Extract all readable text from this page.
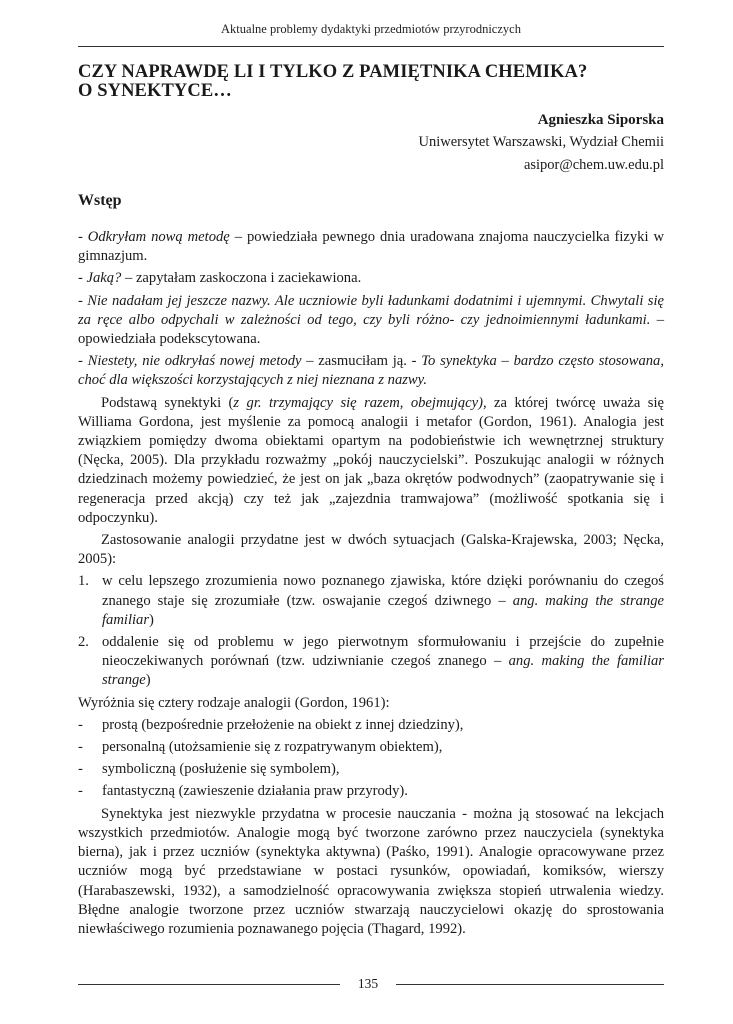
Aktualne problemy dydaktyki przedmiotów przyrodniczych
CZY NAPRAWDĘ LI I TYLKO Z PAMIĘTNIKA CHEMIKA?
O SYNEKTYCE…
Agnieszka Siporska
Uniwersytet Warszawski, Wydział Chemii
asipor@chem.uw.edu.pl
Wstęp

- Odkryłam nową metodę – powiedziała pewnego dnia uradowana znajoma nauczycielka fizyki w gimnazjum.

- Jaką? – zapytałam zaskoczona i zaciekawiona.

- Nie nadałam jej jeszcze nazwy. Ale uczniowie byli ładunkami dodatnimi i ujemnymi. Chwytali się za ręce albo odpychali w zależności od tego, czy byli różno- czy jednoimiennymi ładunkami. – opowiedziała podekscytowana.

- Niestety, nie odkryłaś nowej metody – zasmuciłam ją. - To synektyka – bardzo często stosowana, choć dla większości korzystających z niej nieznana z nazwy.

Podstawą synektyki (z gr. trzymający się razem, obejmujący), za której twórcę uważa się Williama Gordona, jest myślenie za pomocą analogii i metafor (Gordon, 1961). Analogia jest związkiem pomiędzy dwoma obiektami opartym na podobieństwie ich wewnętrznej struktury (Nęcka, 2005). Dla przykładu rozważmy „pokój nauczycielski”. Poszukując analogii w różnych dziedzinach możemy powiedzieć, że jest on jak „baza okrętów podwodnych” (zaopatrywanie się i regeneracja przed akcją) czy też jak „zajezdnia tramwajowa” (możliwość spotkania się i odpoczynku).

Zastosowanie analogii przydatne jest w dwóch sytuacjach (Galska-Krajewska, 2003; Nęcka, 2005):

1. w celu lepszego zrozumienia nowo poznanego zjawiska, które dzięki porównaniu do czegoś znanego staje się zrozumiałe (tzw. oswajanie czegoś dziwnego – ang. making the strange familiar)
2. oddalenie się od problemu w jego pierwotnym sformułowaniu i przejście do zupełnie nieoczekiwanych porównań (tzw. udziwnianie czegoś znanego – ang. making the familiar strange)

Wyróżnia się cztery rodzaje analogii (Gordon, 1961):

- prostą (bezpośrednie przełożenie na obiekt z innej dziedziny),
- personalną (utożsamienie się z rozpatrywanym obiektem),
- symboliczną (posłużenie się symbolem),
- fantastyczną (zawieszenie działania praw przyrody).

Synektyka jest niezwykle przydatna w procesie nauczania - można ją stosować na lekcjach wszystkich przedmiotów. Analogie mogą być tworzone zarówno przez nauczyciela (synektyka bierna), jak i przez uczniów (synektyka aktywna) (Paśko, 1991). Analogie opracowywane przez uczniów mogą być przedstawiane w postaci rysunków, opowiadań, komiksów, wierszy (Harabaszewski, 1932), a samodzielność opracowywania zwiększa stopień utrwalenia wiedzy. Błędne analogie tworzone przez uczniów stwarzają nauczycielowi okazję do sprostowania niewłaściwego rozumienia poznawanego pojęcia (Thagard, 1992).

135
